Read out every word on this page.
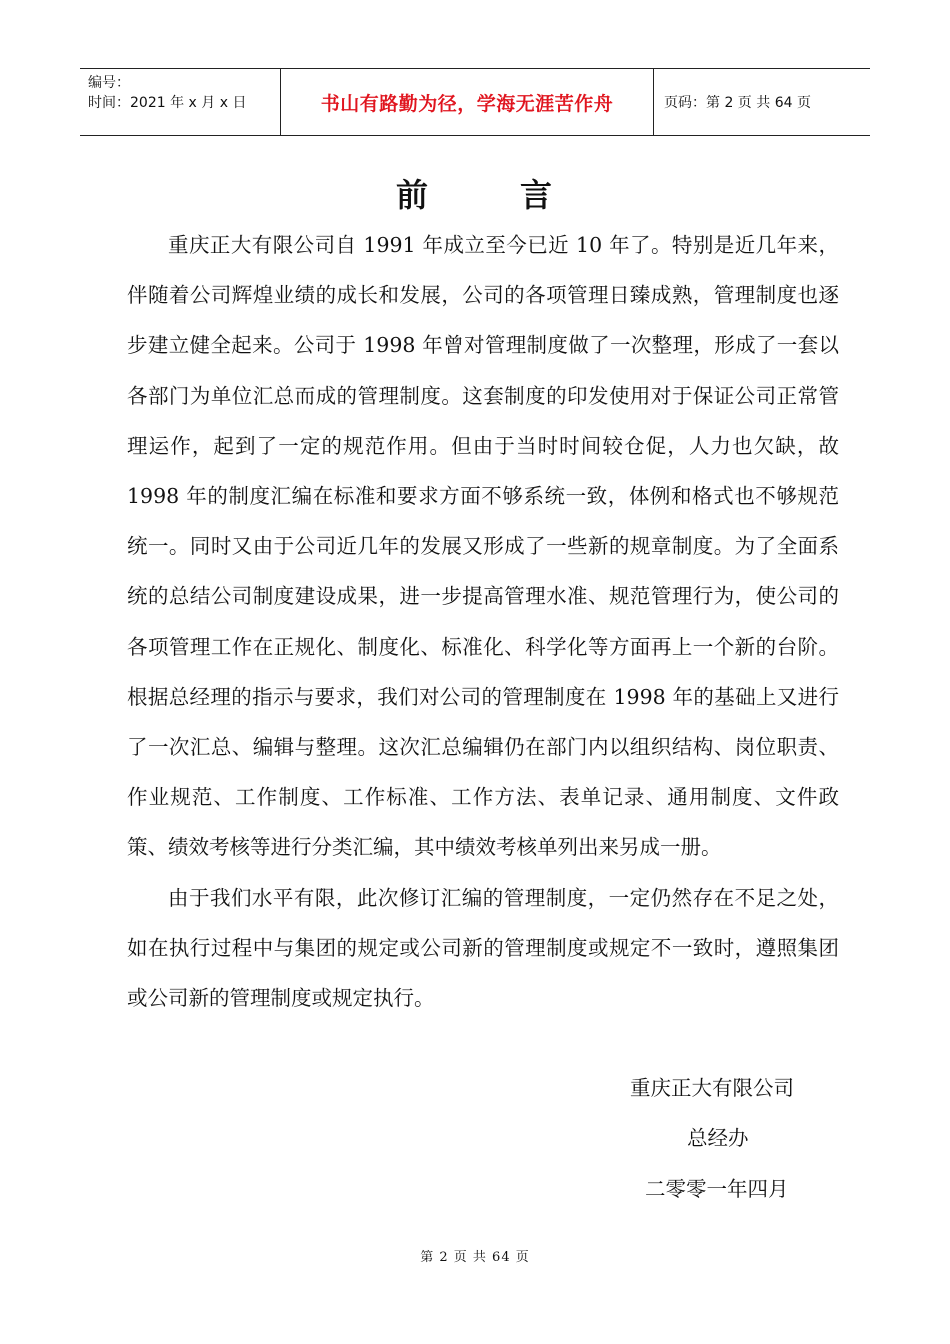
编号：
时间：2021 年 x 月 x 日	书山有路勤为径，学海无涯苦作舟	页码：第 2 页 共 64 页
前	言

重庆正大有限公司自 1991 年成立至今已近 10 年了。特别是近几年来，伴随着公司辉煌业绩的成长和发展，公司的各项管理日臻成熟，管理制度也逐步建立健全起来。公司于 1998 年曾对管理制度做了一次整理，形成了一套以各部门为单位汇总而成的管理制度。这套制度的印发使用对于保证公司正常管理运作，起到了一定的规范作用。但由于当时时间较仓促，人力也欠缺，故 1998 年的制度汇编在标准和要求方面不够系统一致，体例和格式也不够规范统一。同时又由于公司近几年的发展又形成了一些新的规章制度。为了全面系统的总结公司制度建设成果，进一步提高管理水准、规范管理行为，使公司的各项管理工作在正规化、制度化、标准化、科学化等方面再上一个新的台阶。根据总经理的指示与要求，我们对公司的管理制度在 1998 年的基础上又进行了一次汇总、编辑与整理。这次汇总编辑仍在部门内以组织结构、岗位职责、作业规范、工作制度、工作标准、工作方法、表单记录、通用制度、文件政策、绩效考核等进行分类汇编，其中绩效考核单列出来另成一册。

由于我们水平有限，此次修订汇编的管理制度，一定仍然存在不足之处，如在执行过程中与集团的规定或公司新的管理制度或规定不一致时，遵照集团或公司新的管理制度或规定执行。

重庆正大有限公司
总经办
二零零一年四月
第 2 页 共 64 页
